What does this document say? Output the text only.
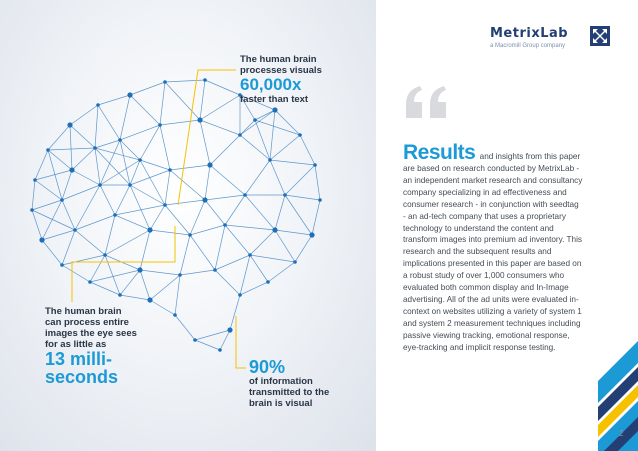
The human brain
processes visuals
60,000x
faster than text
The human brain
can process entire
images the eye sees
for as little as
13 milli-
seconds	90%
of information
transmitted to the
brain is visual
MetrixLab
a Macromill Group company
Results and insights from this paper are based on research conducted by MetrixLab - an independent market research and consultancy company specializing in ad effectiveness and consumer research - in conjunction with seedtag - an ad-tech company that uses a proprietary technology to understand the content and transform images into premium ad inventory. This research and the subsequent results and implications presented in this paper are based on a robust study of over 1,000 consumers who evaluated both common display and In-Image advertising. All of the ad units were evaluated in-context on websites utilizing a variety of system 1 and system 2 measurement techniques including passive viewing tracking, emotional response, eye-tracking and implicit response testing.
2
